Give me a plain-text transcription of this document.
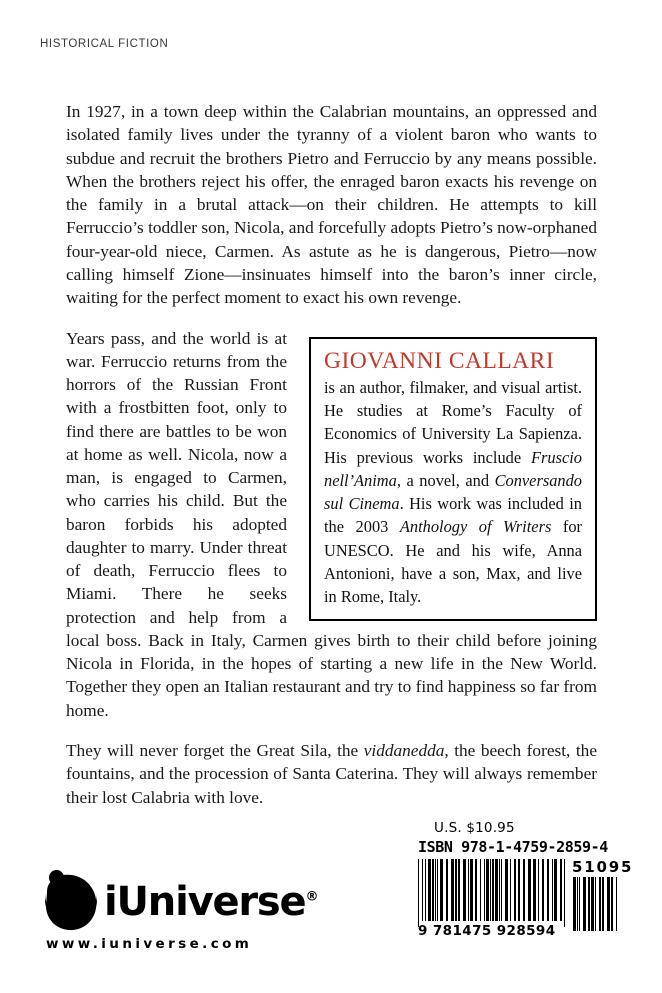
HISTORICAL FICTION

In 1927, in a town deep within the Calabrian mountains, an oppressed and isolated family lives under the tyranny of a violent baron who wants to subdue and recruit the brothers Pietro and Ferruccio by any means possible. When the brothers reject his offer, the enraged baron exacts his revenge on the family in a brutal attack—on their children. He attempts to kill Ferruccio’s toddler son, Nicola, and forcefully adopts Pietro’s now-orphaned four-year-old niece, Carmen. As astute as he is dangerous, Pietro—now calling himself Zione—insinuates himself into the baron’s inner circle, waiting for the perfect moment to exact his own revenge.

GIOVANNI CALLARI
is an author, filmaker, and visual artist. He studies at Rome’s Faculty of Economics of University La Sapienza. His previous works include Fruscio nell’Anima, a novel, and Conversando sul Cinema. His work was included in the 2003 Anthology of Writers for UNESCO. He and his wife, Anna Antonioni, have a son, Max, and live in Rome, Italy.
Years pass, and the world is at war. Ferruccio returns from the horrors of the Russian Front with a frostbitten foot, only to find there are battles to be won at home as well. Nicola, now a man, is engaged to Carmen, who carries his child. But the baron forbids his adopted daughter to marry. Under threat of death, Ferruccio flees to Miami. There he seeks protection and help from a local boss. Back in Italy, Carmen gives birth to their child before joining Nicola in Florida, in the hopes of starting a new life in the New World. Together they open an Italian restaurant and try to find happiness so far from home.

They will never forget the Great Sila, the viddanedda, the beech forest, the fountains, and the procession of Santa Caterina. They will always remember their lost Calabria with love.

iUniverse®
www.iuniverse.com
U.S. $10.95
ISBN 978-1-4759-2859-4
9 781475 928594
51095
